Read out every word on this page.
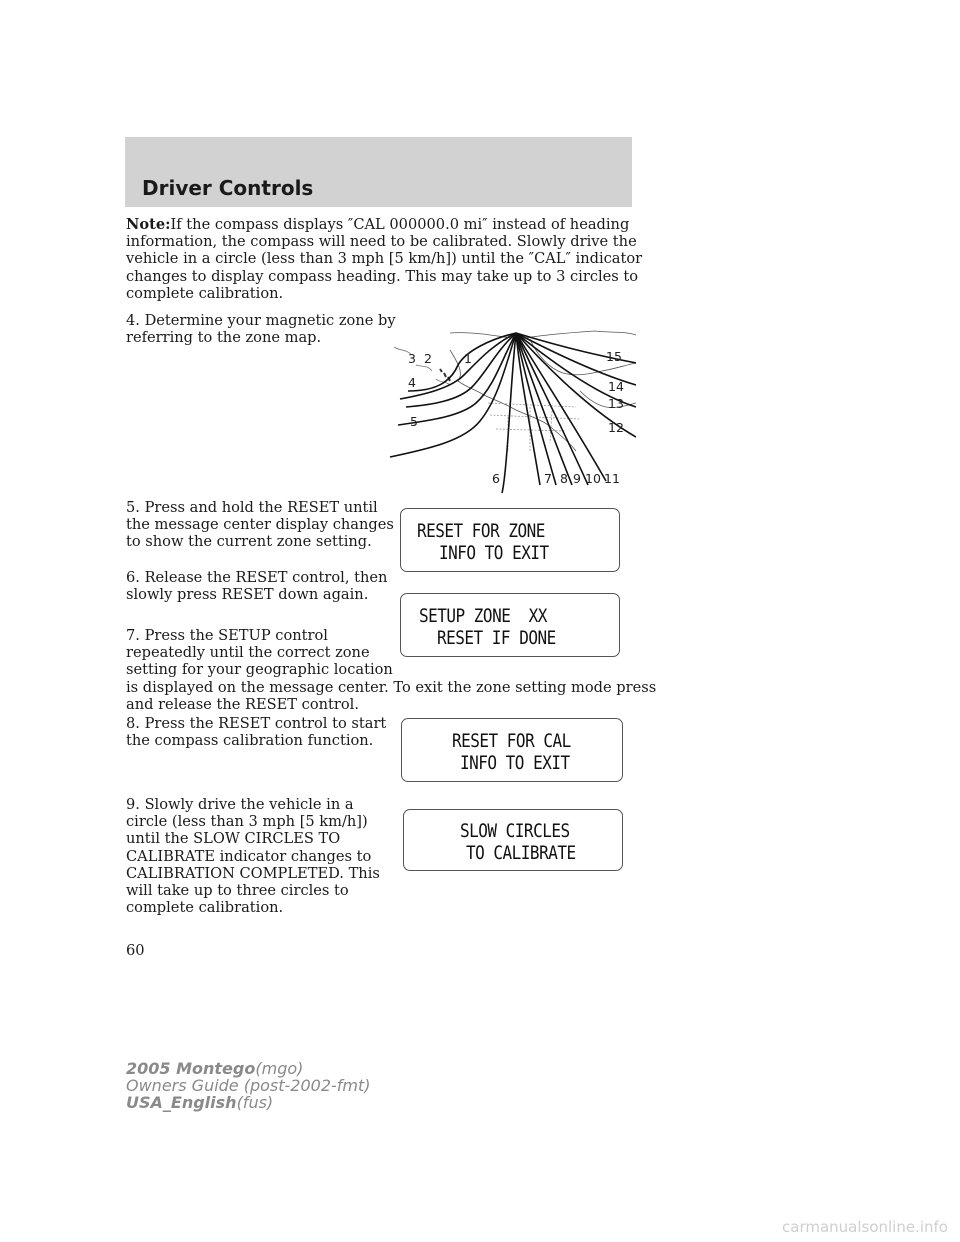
Driver Controls
Note:If the compass displays ″CAL 000000.0 mi″ instead of heading
information, the compass will need to be calibrated. Slowly drive the
vehicle in a circle (less than 3 mph [5 km/h]) until the ″CAL″ indicator
changes to display compass heading. This may take up to 3 circles to
complete calibration.
4. Determine your magnetic zone by
referring to the zone map.
1
2
3
4
5
6	7 8 9 10 11
12
13
14
15
5. Press and hold the RESET until
the message center display changes
to show the current zone setting.
RESET FOR ZONE
INFO TO EXIT
6. Release the RESET control, then
slowly press RESET down again.
SETUP ZONE  XX
RESET IF DONE
7. Press the SETUP control
repeatedly until the correct zone
setting for your geographic location
is displayed on the message center. To exit the zone setting mode press
and release the RESET control.
8. Press the RESET control to start
the compass calibration function.	RESET FOR CAL
INFO TO EXIT
9. Slowly drive the vehicle in a
circle (less than 3 mph [5 km/h])
until the SLOW CIRCLES TO
CALIBRATE indicator changes to
CALIBRATION COMPLETED. This
will take up to three circles to
complete calibration.
SLOW CIRCLES
TO CALIBRATE
60
2005 Montego(mgo)
Owners Guide (post-2002-fmt)
USA_English(fus)
carmanualsonline.info
